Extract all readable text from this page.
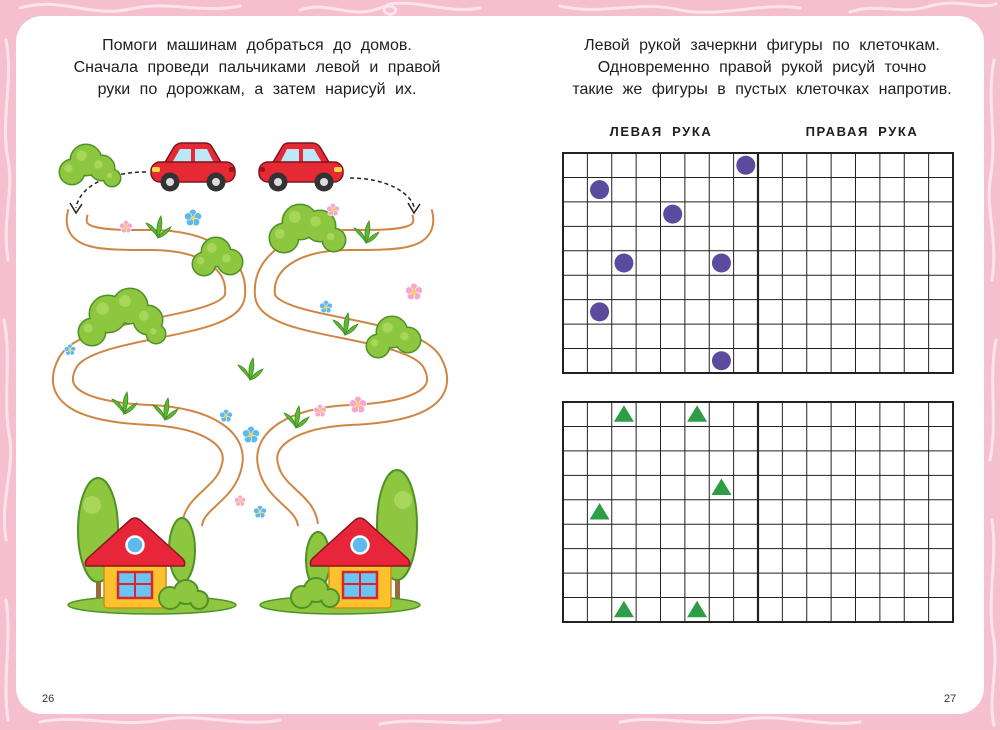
Помоги машинам добраться до домов.
Сначала проведи пальчиками левой и правой
руки по дорожкам, а затем нарисуй их.
26
Левой рукой зачеркни фигуры по клеточкам.
Одновременно правой рукой рисуй точно
такие же фигуры в пустых клеточках напротив.
ЛЕВАЯ РУКА	ПРАВАЯ РУКА
27
